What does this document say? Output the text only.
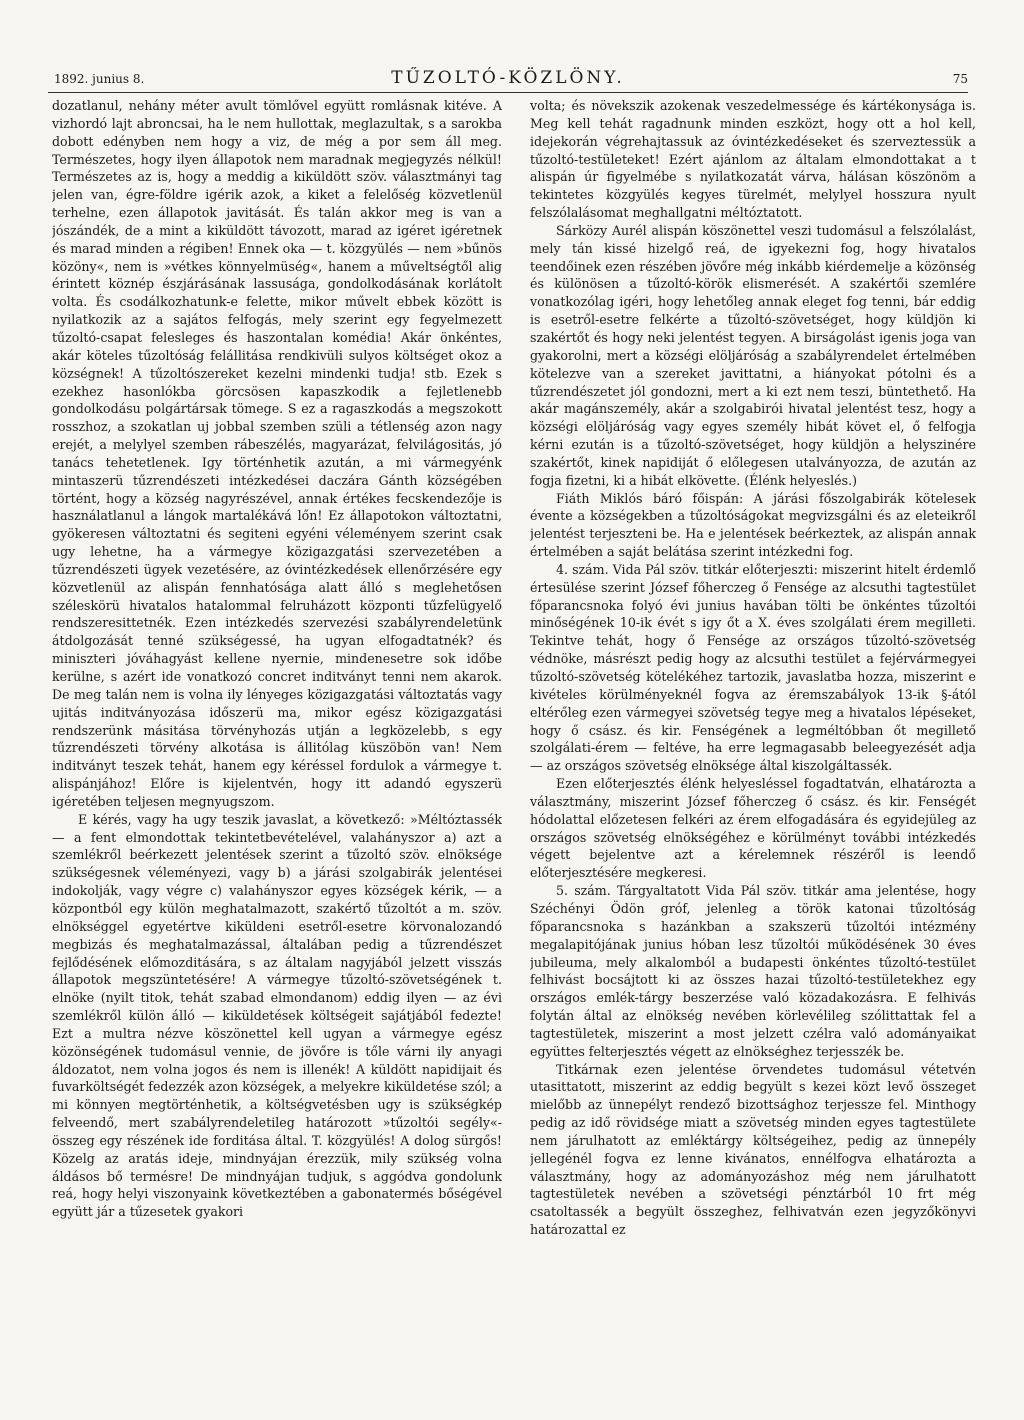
1892. junius 8.	TŰZOLTÓ-KÖZLÖNY.	75

dozatlanul, nehány méter avult tömlővel együtt romlásnak kitéve. A vizhordó lajt abroncsai, ha le nem hullottak, meglazultak, s a sarokba dobott edényben nem hogy a viz, de még a por sem áll meg. Természetes, hogy ilyen állapotok nem maradnak megjegyzés nélkül! Természetes az is, hogy a meddig a kiküldött szöv. választmányi tag jelen van, égre-földre igérik azok, a kiket a felelőség közvetlenül terhelne, ezen állapotok javitását. És talán akkor meg is van a jószándék, de a mint a kiküldött távozott, marad az igéret igéretnek és marad minden a régiben! Ennek oka — t. közgyülés — nem »bűnös közöny«, nem is »vétkes könnyelmüség«, hanem a műveltségtől alig érintett köznép észjárásának lassusága, gondolkodásának korlátolt volta. És csodálkozhatunk-e felette, mikor művelt ebbek között is nyilatkozik az a sajátos felfogás, mely szerint egy fegyelmezett tűzoltó-csapat felesleges és haszontalan komédia! Akár önkéntes, akár köteles tűzoltóság felállitása rendkivüli sulyos költséget okoz a községnek! A tűzoltószereket kezelni mindenki tudja! stb. Ezek s ezekhez hasonlókba görcsösen kapaszkodik a fejletlenebb gondolkodásu polgártársak tömege. S ez a ragaszkodás a megszokott rosszhoz, a szokatlan uj jobbal szemben szüli a tétlenség azon nagy erejét, a melylyel szemben rábeszélés, magyarázat, felvilágositás, jó tanács tehetetlenek. Igy történhetik azután, a mi vármegyénk mintaszerü tűzrendészeti intézkedései daczára Gánth községében történt, hogy a község nagyrészével, annak értékes fecskendezője is használatlanul a lángok martalékává lőn! Ez állapotokon változtatni, gyökeresen változtatni és segiteni egyéni véleményem szerint csak ugy lehetne, ha a vármegye közigazgatási szervezetében a tűzrendészeti ügyek vezetésére, az óvintézkedések ellenőrzésére egy közvetlenül az alispán fennhatósága alatt álló s meglehetősen széleskörü hivatalos hatalommal felruházott központi tűzfelügyelő rendszeresittetnék. Ezen intézkedés szervezési szabályrendeletünk átdolgozását tenné szükségessé, ha ugyan elfogadtatnék? és miniszteri jóváhagyást kellene nyernie, mindenesetre sok időbe kerülne, s azért ide vonatkozó concret inditványt tenni nem akarok. De meg talán nem is volna ily lényeges közigazgatási változtatás vagy ujitás inditványozása időszerü ma, mikor egész közigazgatási rendszerünk másitása törvényhozás utján a legközelebb, s egy tűzrendészeti törvény alkotása is állitólag küszöbön van! Nem inditványt teszek tehát, hanem egy kéréssel fordulok a vármegye t. alispánjához! Előre is kijelentvén, hogy itt adandó egyszerü igéretében teljesen megnyugszom.

E kérés, vagy ha ugy teszik javaslat, a következő: »Méltóztassék — a fent elmondottak tekintetbevételével, valahányszor a) azt a szemlékről beérkezett jelentések szerint a tűzoltó szöv. elnöksége szükségesnek véleményezi, vagy b) a járási szolgabirák jelentései indokolják, vagy végre c) valahányszor egyes községek kérik, — a központból egy külön meghatalmazott, szakértő tűzoltót a m. szöv. elnökséggel egyetértve kiküldeni esetről-esetre körvonalozandó megbizás és meghatalmazással, általában pedig a tűzrendészet fejlődésének előmozditására, s az általam nagyjából jelzett visszás állapotok megszüntetésére! A vármegye tűzoltó-szövetségének t. elnöke (nyilt titok, tehát szabad elmondanom) eddig ilyen — az évi szemlékről külön álló — kiküldetések költségeit sajátjából fedezte! Ezt a multra nézve köszönettel kell ugyan a vármegye egész közönségének tudomásul vennie, de jövőre is tőle várni ily anyagi áldozatot, nem volna jogos és nem is illenék! A küldött napidijait és fuvarköltségét fedezzék azon községek, a melyekre kiküldetése szól; a mi könnyen megtörténhetik, a költségvetésben ugy is szükségkép felveendő, mert szabályrendeletileg határozott »tűzoltói segély«-összeg egy részének ide forditása által. T. közgyülés! A dolog sürgős! Közelg az aratás ideje, mindnyájan érezzük, mily szükség volna áldásos bő termésre! De mindnyájan tudjuk, s aggódva gondolunk reá, hogy helyi viszonyaink következtében a gabonatermés bőségével együtt jár a tűzesetek gyakori

volta; és növekszik azokenak veszedelmessége és kártékonysága is. Meg kell tehát ragadnunk minden eszközt, hogy ott a hol kell, idejekorán végrehajtassuk az óvintézkedéseket és szerveztessük a tűzoltó-testületeket! Ezért ajánlom az általam elmondottakat a t alispán úr figyelmébe s nyilatkozatát várva, hálásan köszönöm a tekintetes közgyülés kegyes türelmét, melylyel hosszura nyult felszólalásomat meghallgatni méltóztatott.

Sárközy Aurél alispán köszönettel veszi tudomásul a felszólalást, mely tán kissé hizelgő reá, de igyekezni fog, hogy hivatalos teendőinek ezen részében jövőre még inkább kiérdemelje a közönség és különösen a tűzoltó-körök elismerését. A szakértői szemlére vonatkozólag igéri, hogy lehetőleg annak eleget fog tenni, bár eddig is esetről-esetre felkérte a tűzoltó-szövetséget, hogy küldjön ki szakértőt és hogy neki jelentést tegyen. A birságolást igenis joga van gyakorolni, mert a községi elöljáróság a szabályrendelet értelmében kötelezve van a szereket javittatni, a hiányokat pótolni és a tűzrendészetet jól gondozni, mert a ki ezt nem teszi, büntethető. Ha akár magánszemély, akár a szolgabirói hivatal jelentést tesz, hogy a községi elöljáróság vagy egyes személy hibát követ el, ő felfogja kérni ezután is a tűzoltó-szövetséget, hogy küldjön a helyszinére szakértőt, kinek napidiját ő előlegesen utalványozza, de azután az fogja fizetni, ki a hibát elkövette. (Élénk helyeslés.)

Fiáth Miklós báró főispán: A járási főszolgabirák kötelesek évente a községekben a tűzoltóságokat megvizsgálni és az eleteikről jelentést terjeszteni be. Ha e jelentések beérkeztek, az alispán annak értelmében a saját belátása szerint intézkedni fog.

4. szám. Vida Pál szöv. titkár előterjeszti: miszerint hitelt érdemlő értesülése szerint József főherczeg ő Fensége az alcsuthi tagtestület főparancsnoka folyó évi junius havában tölti be önkéntes tűzoltói minőségének 10-ik évét s igy őt a X. éves szolgálati érem megilleti. Tekintve tehát, hogy ő Fensége az országos tűzoltó-szövetség védnöke, másrészt pedig hogy az alcsuthi testület a fejérvármegyei tűzoltó-szövetség kötelékéhez tartozik, javaslatba hozza, miszerint e kivételes körülményeknél fogva az éremszabályok 13-ik §-ától eltérőleg ezen vármegyei szövetség tegye meg a hivatalos lépéseket, hogy ő csász. és kir. Fenségének a legméltóbban őt megillető szolgálati-érem — feltéve, ha erre legmagasabb beleegyezését adja — az országos szövetség elnöksége által kiszolgáltassék.

Ezen előterjesztés élénk helyesléssel fogadtatván, elhatározta a választmány, miszerint József főherczeg ő csász. és kir. Fenségét hódolattal előzetesen felkéri az érem elfogadására és egyidejüleg az országos szövetség elnökségéhez e körülményt további intézkedés végett bejelentve azt a kérelemnek részéről is leendő előterjesztésére megkeresi.

5. szám. Tárgyaltatott Vida Pál szöv. titkár ama jelentése, hogy Széchényi Ödön gróf, jelenleg a török katonai tűzoltóság főparancsnoka s hazánkban a szakszerü tűzoltói intézmény megalapitójának junius hóban lesz tűzoltói működésének 30 éves jubileuma, mely alkalomból a budapesti önkéntes tűzoltó-testület felhivást bocsájtott ki az összes hazai tűzoltó-testületekhez egy országos emlék-tárgy beszerzése való közadakozásra. E felhivás folytán által az elnökség nevében körlevélileg szólittattak fel a tagtestületek, miszerint a most jelzett czélra való adományaikat együttes felterjesztés végett az elnökséghez terjesszék be.

Titkárnak ezen jelentése örvendetes tudomásul vétetvén utasittatott, miszerint az eddig begyült s kezei közt levő összeget mielőbb az ünnepélyt rendező bizottsághoz terjessze fel. Minthogy pedig az idő rövidsége miatt a szövetség minden egyes tagtestülete nem járulhatott az emléktárgy költségeihez, pedig az ünnepély jellegénél fogva ez lenne kivánatos, ennélfogva elhatározta a választmány, hogy az adományozáshoz még nem járulhatott tagtestületek nevében a szövetségi pénztárból 10 frt még csatoltassék a begyült összeghez, felhivatván ezen jegyzőkönyvi határozattal ez
